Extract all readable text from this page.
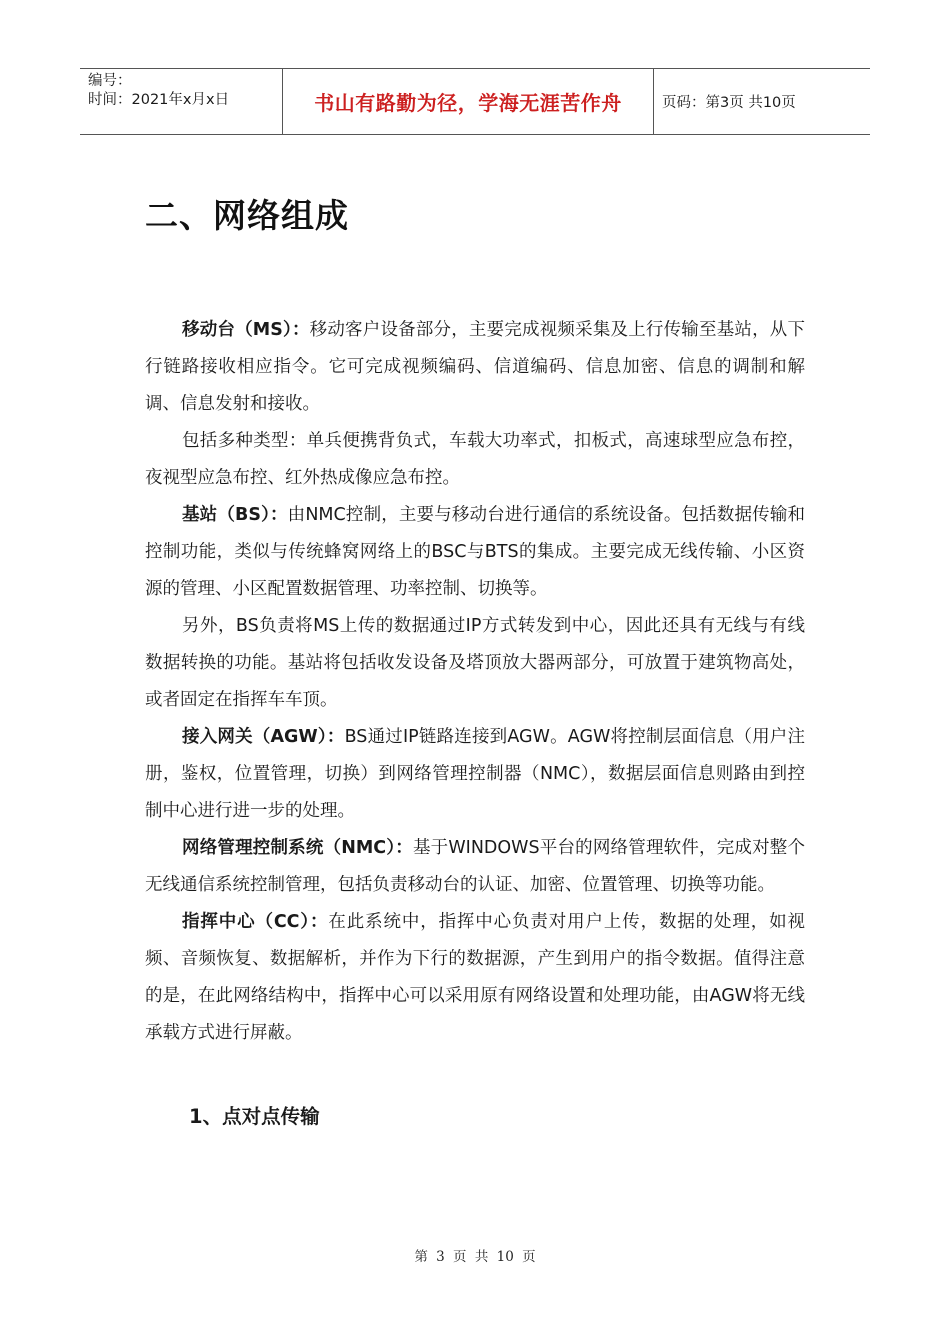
编号：
时间：2021年x月x日	书山有路勤为径，学海无涯苦作舟	页码：第3页 共10页
二、网络组成

移动台（MS）：移动客户设备部分，主要完成视频采集及上行传输至基站，从下行链路接收相应指令。它可完成视频编码、信道编码、信息加密、信息的调制和解调、信息发射和接收。

包括多种类型：单兵便携背负式，车载大功率式，扣板式，高速球型应急布控，夜视型应急布控、红外热成像应急布控。

基站（BS）：由NMC控制，主要与移动台进行通信的系统设备。包括数据传输和控制功能，类似与传统蜂窝网络上的BSC与BTS的集成。主要完成无线传输、小区资源的管理、小区配置数据管理、功率控制、切换等。

另外，BS负责将MS上传的数据通过IP方式转发到中心，因此还具有无线与有线数据转换的功能。基站将包括收发设备及塔顶放大器两部分，可放置于建筑物高处，或者固定在指挥车车顶。

接入网关（AGW）：BS通过IP链路连接到AGW。AGW将控制层面信息（用户注册，鉴权，位置管理，切换）到网络管理控制器（NMC），数据层面信息则路由到控制中心进行进一步的处理。

网络管理控制系统（NMC）：基于WINDOWS平台的网络管理软件，完成对整个无线通信系统控制管理，包括负责移动台的认证、加密、位置管理、切换等功能。

指挥中心（CC）：在此系统中，指挥中心负责对用户上传，数据的处理，如视频、音频恢复、数据解析，并作为下行的数据源，产生到用户的指令数据。值得注意的是，在此网络结构中，指挥中心可以采用原有网络设置和处理功能，由AGW将无线承载方式进行屏蔽。

1、点对点传输
第 3 页 共 10 页
